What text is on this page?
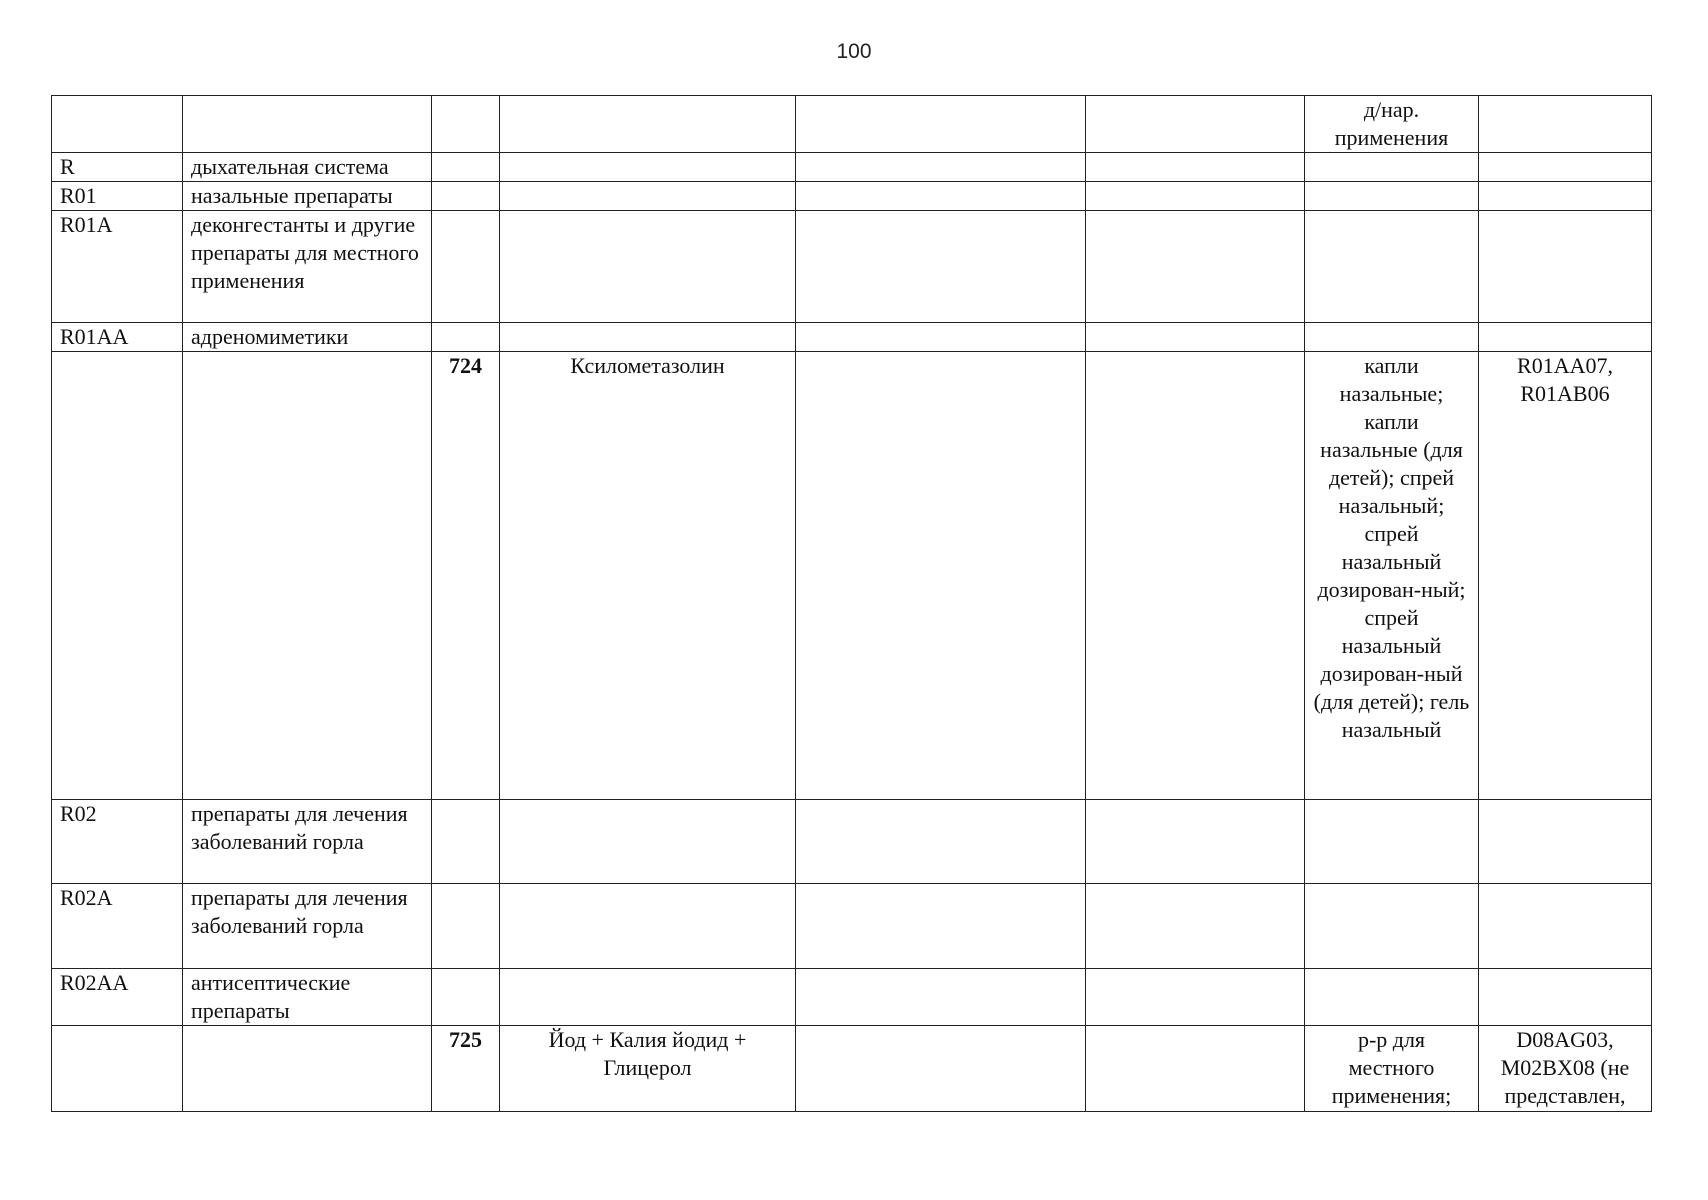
100
						д/нар. применения	
R	дыхательная система						
R01	назальные препараты						
R01A	деконгестанты и другие препараты для местного применения						
R01AA	адреномиметики						
		724	Ксилометазолин			капли назальные; капли назальные (для детей); спрей назальный; спрей назальный дозирован-ный; спрей назальный дозирован-ный (для детей); гель назальный	R01AA07, R01AB06
R02	препараты для лечения заболеваний горла						
R02A	препараты для лечения заболеваний горла						
R02AA	антисептические препараты						
		725	Йод + Калия йодид + Глицерол			р-р для местного применения;	D08AG03, M02BX08 (не представлен,
